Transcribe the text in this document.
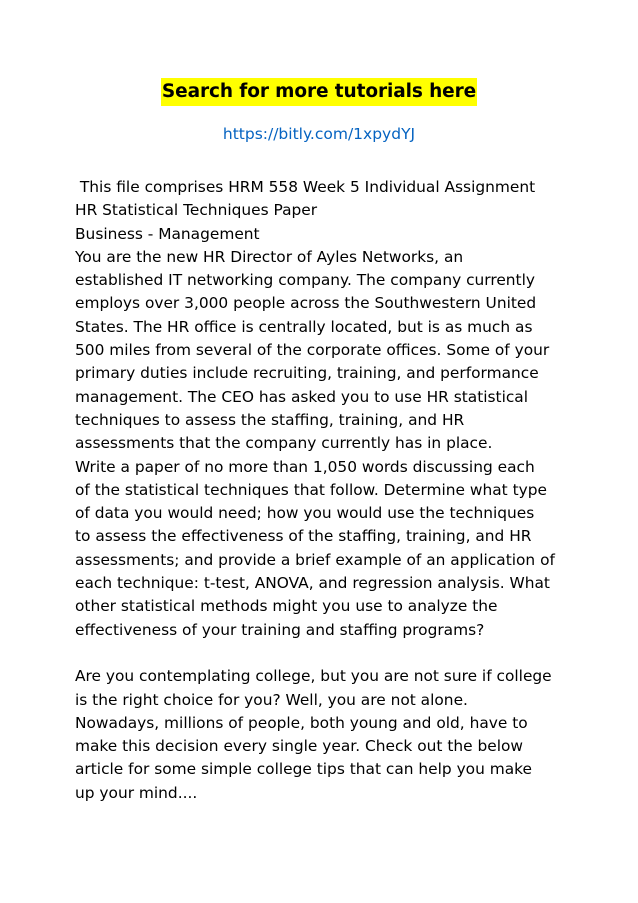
Search for more tutorials here
https://bitly.com/1xpydYJ
This file comprises HRM 558 Week 5 Individual Assignment
HR Statistical Techniques Paper
Business - Management
You are the new HR Director of Ayles Networks, an
established IT networking company. The company currently
employs over 3,000 people across the Southwestern United
States. The HR office is centrally located, but is as much as
500 miles from several of the corporate offices. Some of your
primary duties include recruiting, training, and performance
management. The CEO has asked you to use HR statistical
techniques to assess the staffing, training, and HR
assessments that the company currently has in place.
Write a paper of no more than 1,050 words discussing each
of the statistical techniques that follow. Determine what type
of data you would need; how you would use the techniques
to assess the effectiveness of the staffing, training, and HR
assessments; and provide a brief example of an application of
each technique: t-test, ANOVA, and regression analysis. What
other statistical methods might you use to analyze the
effectiveness of your training and staffing programs?
Are you contemplating college, but you are not sure if college
is the right choice for you? Well, you are not alone.
Nowadays, millions of people, both young and old, have to
make this decision every single year. Check out the below
article for some simple college tips that can help you make
up your mind....
